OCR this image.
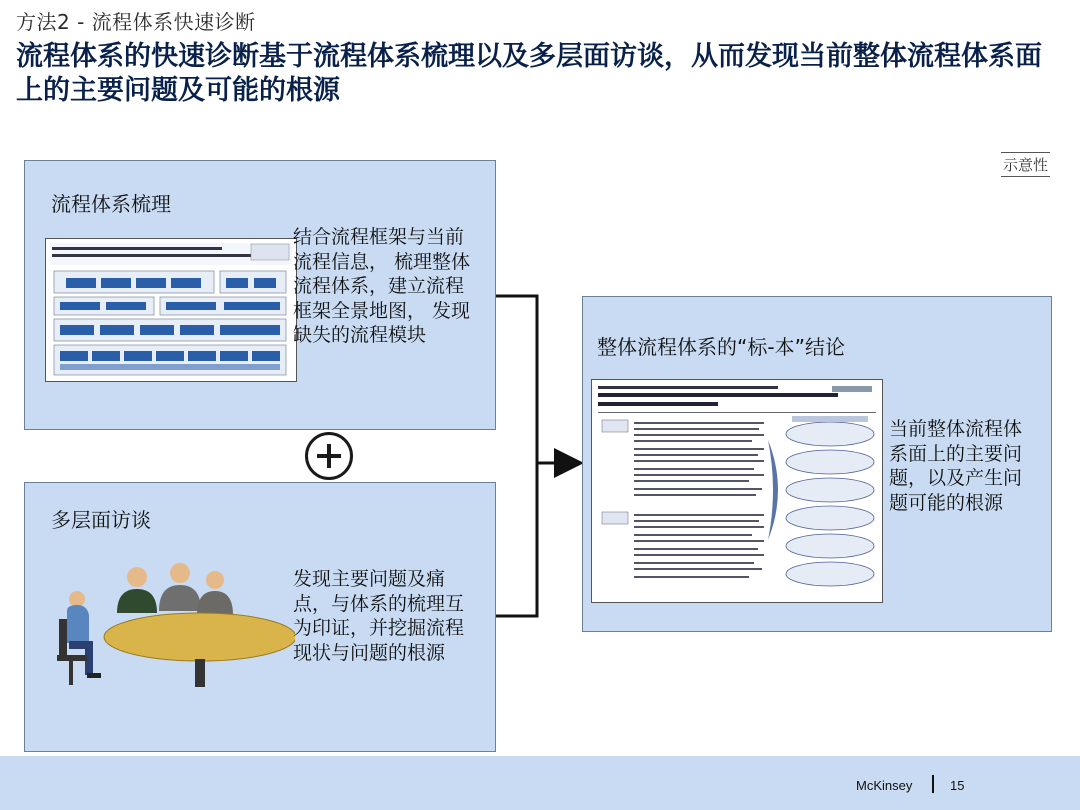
方法2 - 流程体系快速诊断
流程体系的快速诊断基于流程体系梳理以及多层面访谈，从而发现当前整体流程体系面上的主要问题及可能的根源
示意性
流程体系梳理
结合流程框架与当前流程信息， 梳理整体流程体系，建立流程框架全景地图， 发现缺失的流程模块
多层面访谈
发现主要问题及痛点，与体系的梳理互为印证，并挖掘流程现状与问题的根源
整体流程体系的“标-本”结论
当前整体流程体系面上的主要问题，以及产生问题可能的根源
McKinsey	15
